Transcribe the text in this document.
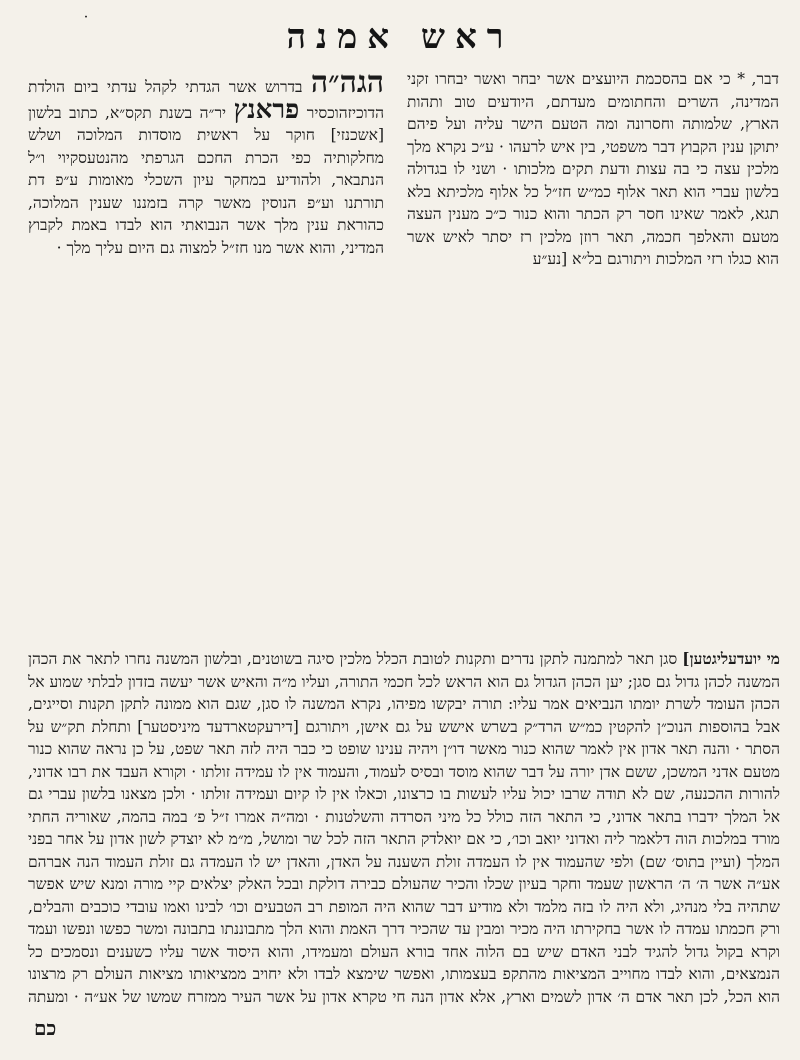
ראש אמנה
דבר, * כי אם בהסכמת היועצים אשר יבחר ואשר יבחרו זקני המדינה, השרים והחתומים מעדתם, היודעים טוב ותהות הארץ, שלמותה וחסרונה ומה הטעם הישר עליה ועל פיהם יתוקן ענין הקבוץ דבר משפטי, בין איש לרעהו · ע״כ נקרא מלך מלכין עצה כי בה עצות ודעת תקים מלכותו · ושני לו בגדולה בלשון עברי הוא תאר אלוף כמ״ש חז״ל כל אלוף מלכיתא בלא תגא, לאמר שאינו חסר רק הכתר והוא כנור כ״כ מענין העצה מטעם והאלפך חכמה, תאר רוזן מלכין רז יסתר לאיש אשר הוא כגלו רזי המלכות ויתורגם בל״א [נע״ע
הגה״ה בדרוש אשר הגדתי לקהל עדתי ביום הולדת הדוכיזהוכסיר פראנץ יר״ה בשנת תקס״א, כתוב בלשון [אשכנזי] חוקר על ראשית מוסדות המלוכה ושלש מחלקותיה כפי הכרת החכם הגרפתי מהנטעסקיוי ו״ל הנתבאר, ולהודיע במחקר עיון השכלי מאומות ע״פ דת תורתנו וע״פ הנוסין מאשר קרה בזמננו שענין המלוכה, כהוראת ענין מלך אשר הנבואתי הוא לבדו באמת לקבוץ המדיני, והוא אשר מנו חז״ל למצוה גם היום עליך מלך ·
מי יועדעליגטען] סגן תאר למתמנה לתקן נדרים ותקנות לטובת הכלל מלכין סיגה בשוטנים, ובלשון המשנה נחרו לתאר את הכהן המשנה לכהן גדול גם סגן; יען הכהן הגדול גם הוא הראש לכל חכמי התורה, ועליו מ״ה והאיש אשר יעשה בזדון לבלתי שמוע אל הכהן העומד לשרת יומתו הנביאים אמר עליו: תורה יבקשו מפיהו, נקרא המשנה לו סגן, שגם הוא ממונה לתקן תקנות וסייגים, אבל בהוספות הנוכ״ן להקטין כמ״ש הרד״ק בשרש אישש על גם אישן, ויתורגם [דירעקטארדעד מיניסטער] ותחלת תק״ש על הסתר · והנה תאר אדון אין לאמר שהוא כנור מאשר דו״ן ויהיה ענינו שופט כי כבר היה לזה תאר שפט, על כן נראה שהוא כנור מטעם אדני המשכן, ששם אדן יורה על דבר שהוא מוסד ובסיס לעמוד, והעמוד אין לו עמידה זולתו · וקורא העבד את רבו אדוני, להורות ההכנעה, שם לא תודה שרבו יכול עליו לעשות בו כרצונו, וכאלו אין לו קיום ועמידה זולתו · ולכן מצאנו בלשון עברי גם אל המלך ידברו בתאר אדוני, כי התאר הזה כולל כל מיני הסרדה והשלטנות · ומה״ה אמרו ז״ל פ׳ במה בהמה, שאוריה החתי מורד במלכות הוה דלאמר ליה ואדוני יואב וכו׳, כי אם יואלדק התאר הזה לכל שר ומושל, מ״מ לא יוצדק לשון אדון על אחר בפני המלך (ועיין בתוס׳ שם) ולפי שהעמוד אין לו העמדה זולת השענה על האדן, והאדן יש לו העמדה גם זולת העמוד הנה אברהם אע״ה אשר ה׳ ה׳ הראשון שעמד וחקר בעיון שכלו והכיר שהעולם כבירה דולקת ובכל האלק יצלאים קיי מורה ומנא שיש אפשר שתהיה בלי מנהיג, ולא היה לו בזה מלמד ולא מודיע דבר שהוא היה המופת רב הטבעים וכו׳ לבינו ואמו עובדי כוכבים והבלים, ורק חכמתו עמדה לו אשר בחקירתו היה מכיר ומבין עד שהכיר דרך האמת והוא הלך מתבוננתו בתבונה ומשר כפשו ונפשו ועמד וקרא בקול גדול להגיד לבני האדם שיש בם הלוה אחד בורא העולם ומעמידו, והוא היסוד אשר עליו כשענים ונסמכים כל הנמצאים, והוא לבדו מחוייב המציאות מהתקפ בעצמותו, ואפשר שימצא לבדו ולא יחויב ממציאותו מציאות העולם רק מרצונו הוא הכל, לכן תאר אדם ה׳ אדון לשמים וארץ, אלא אדון הנה חי טקרא אדון על אשר העיר ממזרח שמשו של אע״ה · ומעתה

כם
